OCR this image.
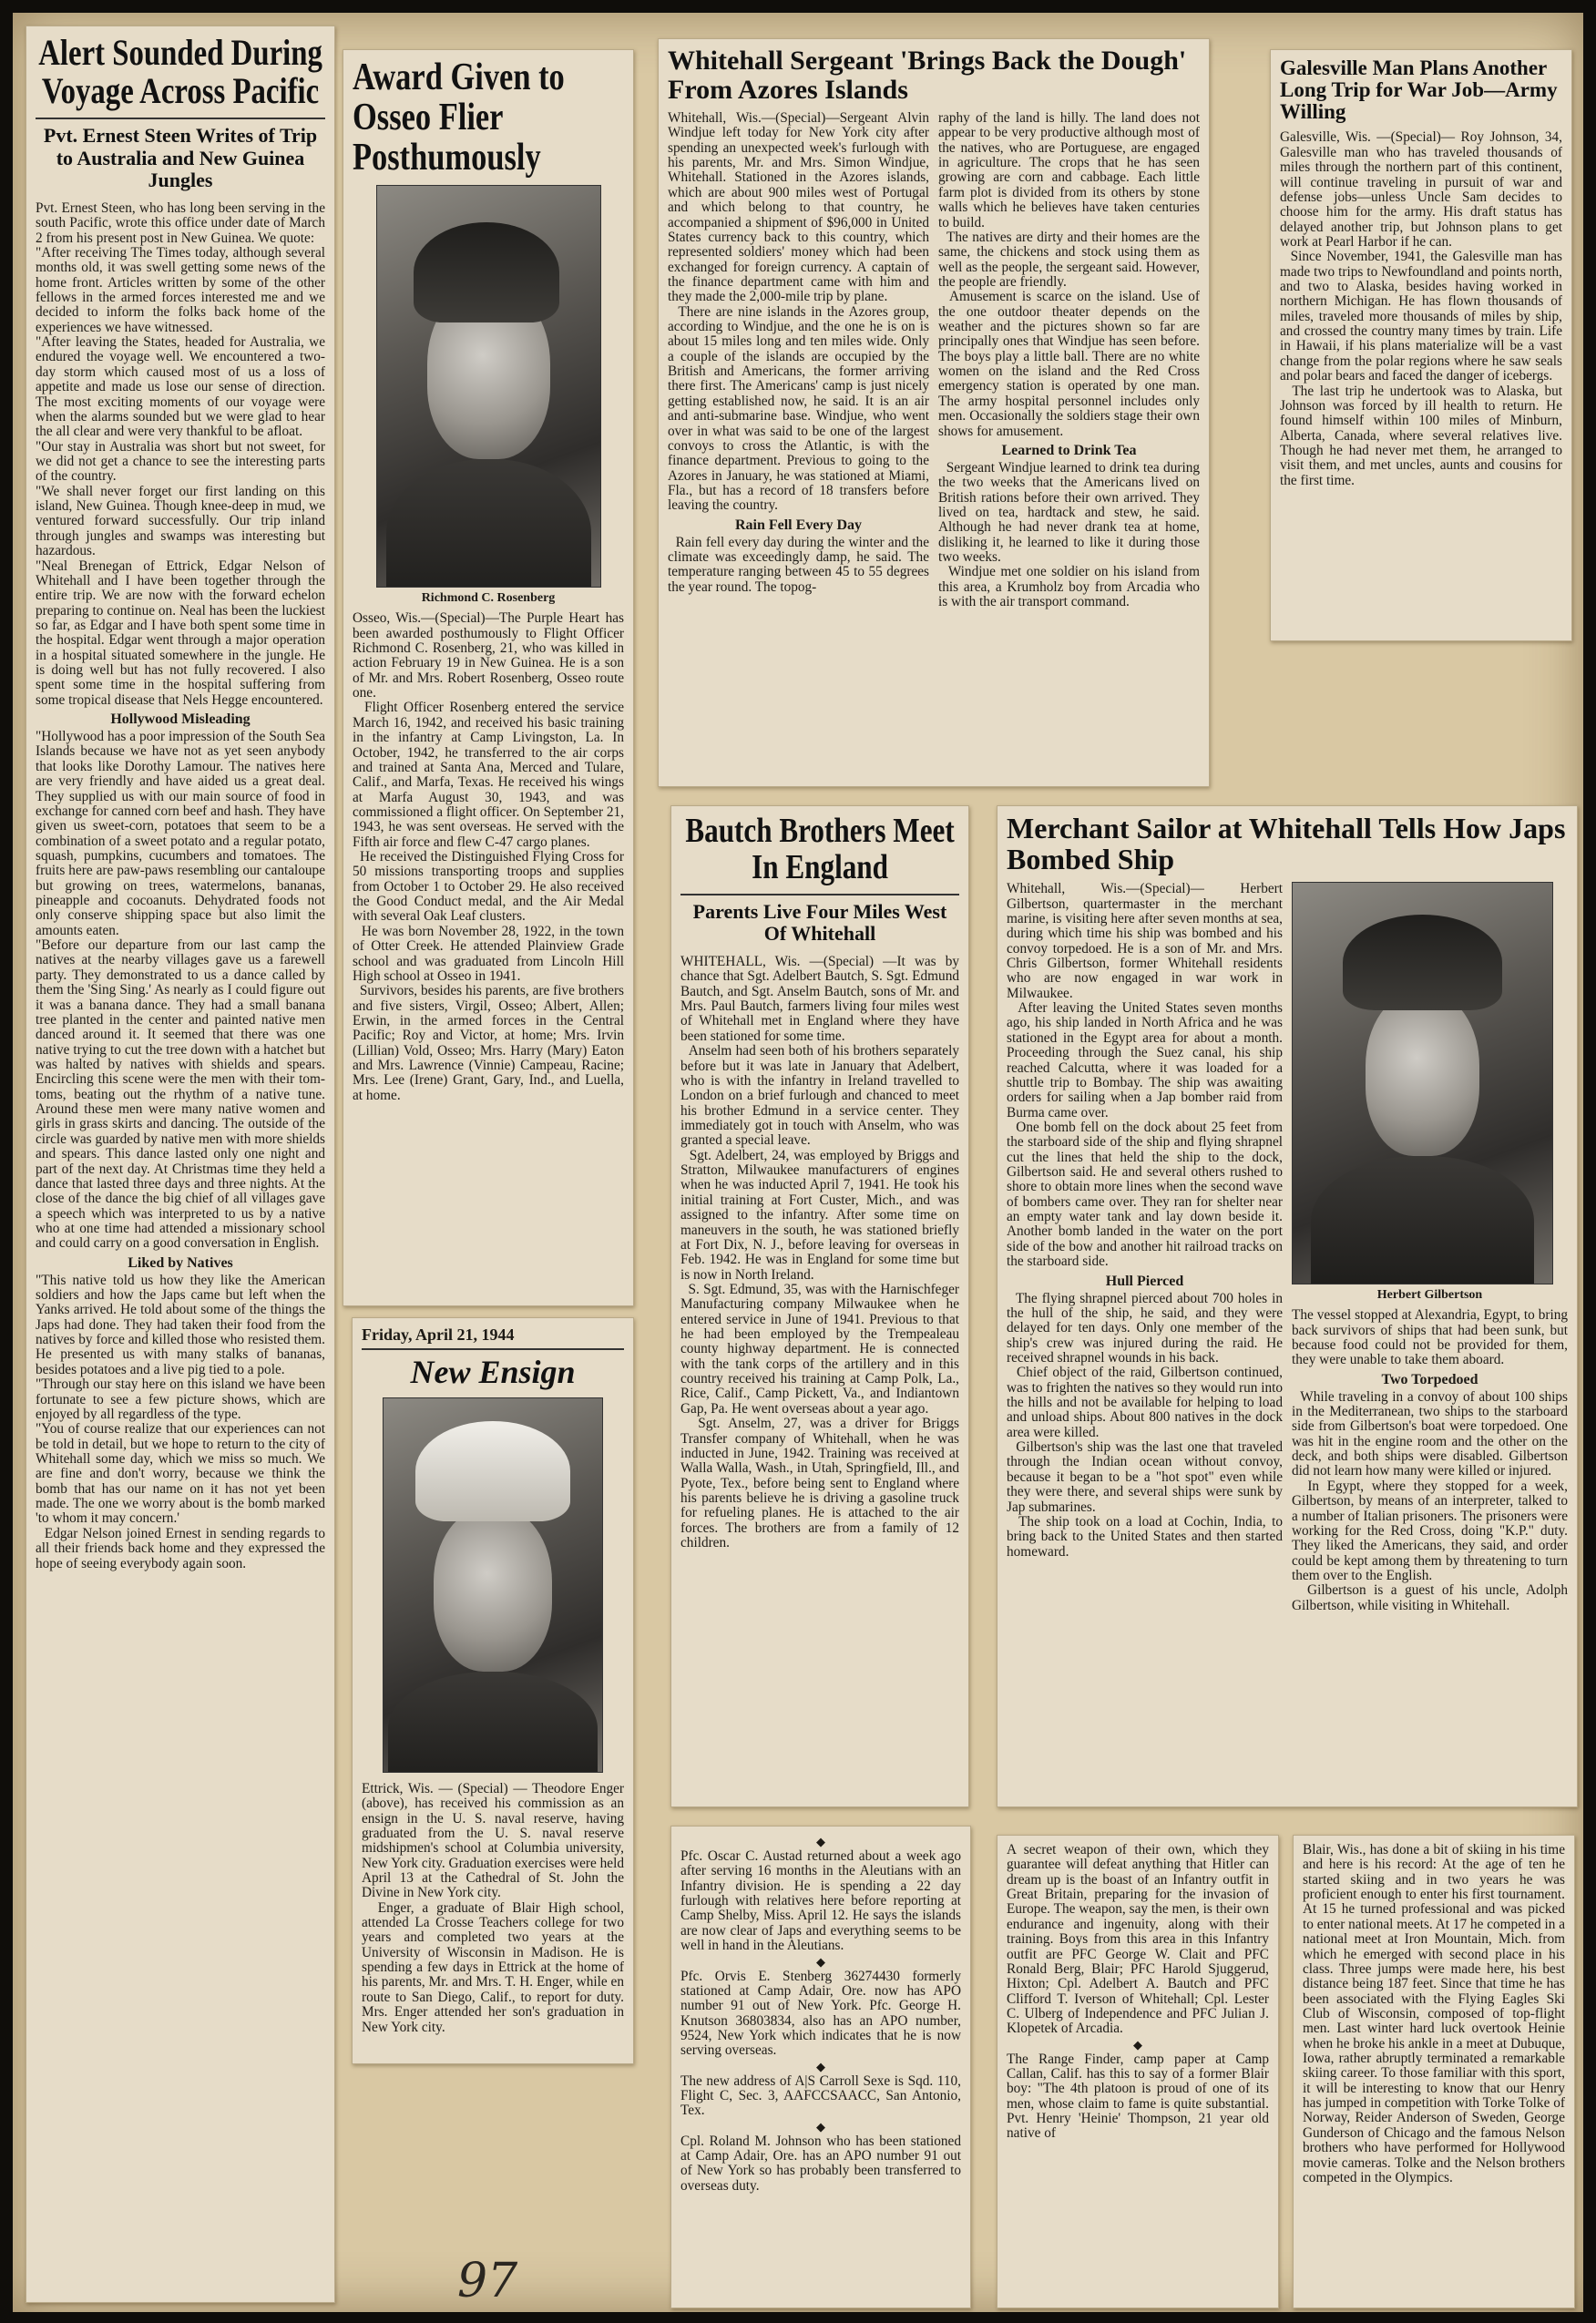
Alert Sounded During Voyage Across Pacific
Pvt. Ernest Steen Writes of Trip to Australia and New Guinea Jungles

Pvt. Ernest Steen, who has long been serving in the south Pacific, wrote this office under date of March 2 from his present post in New Guinea. We quote:
"After receiving The Times today, although several months old, it was swell getting some news of the home front. Articles written by some of the other fellows in the armed forces interested me and we decided to inform the folks back home of the experiences we have witnessed.
"After leaving the States, headed for Australia, we endured the voyage well. We encountered a two-day storm which caused most of us a loss of appetite and made us lose our sense of direction. The most exciting moments of our voyage were when the alarms sounded but we were glad to hear the all clear and were very thankful to be afloat.
"Our stay in Australia was short but not sweet, for we did not get a chance to see the interesting parts of the country.
"We shall never forget our first landing on this island, New Guinea. Though knee-deep in mud, we ventured forward successfully. Our trip inland through jungles and swamps was interesting but hazardous.
"Neal Brenegan of Ettrick, Edgar Nelson of Whitehall and I have been together through the entire trip. We are now with the forward echelon preparing to continue on. Neal has been the luckiest so far, as Edgar and I have both spent some time in the hospital. Edgar went through a major operation in a hospital situated somewhere in the jungle. He is doing well but has not fully recovered. I also spent some time in the hospital suffering from some tropical disease that Nels Hegge encountered.

Hollywood Misleading

"Hollywood has a poor impression of the South Sea Islands because we have not as yet seen anybody that looks like Dorothy Lamour. The natives here are very friendly and have aided us a great deal. They supplied us with our main source of food in exchange for canned corn beef and hash. They have given us sweet-corn, potatoes that seem to be a combination of a sweet potato and a regular potato, squash, pumpkins, cucumbers and tomatoes. The fruits here are paw-paws resembling our cantaloupe but growing on trees, watermelons, bananas, pineapple and cocoanuts. Dehydrated foods not only conserve shipping space but also limit the amounts eaten.
"Before our departure from our last camp the natives at the nearby villages gave us a farewell party. They demonstrated to us a dance called by them the 'Sing Sing.' As nearly as I could figure out it was a banana dance. They had a small banana tree planted in the center and painted native men danced around it. It seemed that there was one native trying to cut the tree down with a hatchet but was halted by natives with shields and spears. Encircling this scene were the men with their tom-toms, beating out the rhythm of a native tune. Around these men were many native women and girls in grass skirts and dancing. The outside of the circle was guarded by native men with more shields and spears. This dance lasted only one night and part of the next day. At Christmas time they held a dance that lasted three days and three nights. At the close of the dance the big chief of all villages gave a speech which was interpreted to us by a native who at one time had attended a missionary school and could carry on a good conversation in English.

Liked by Natives

"This native told us how they like the American soldiers and how the Japs came but left when the Yanks arrived. He told about some of the things the Japs had done. They had taken their food from the natives by force and killed those who resisted them. He presented us with many stalks of bananas, besides potatoes and a live pig tied to a pole.
"Through our stay here on this island we have been fortunate to see a few picture shows, which are enjoyed by all regardless of the type.
"You of course realize that our experiences can not be told in detail, but we hope to return to the city of Whitehall some day, which we miss so much. We are fine and don't worry, because we think the bomb that has our name on it has not yet been made. The one we worry about is the bomb marked 'to whom it may concern.'
Edgar Nelson joined Ernest in sending regards to all their friends back home and they expressed the hope of seeing everybody again soon.

Award Given to Osseo Flier Posthumously
Richmond C. Rosenberg

Osseo, Wis.—(Special)—The Purple Heart has been awarded posthumously to Flight Officer Richmond C. Rosenberg, 21, who was killed in action February 19 in New Guinea. He is a son of Mr. and Mrs. Robert Rosenberg, Osseo route one.
Flight Officer Rosenberg entered the service March 16, 1942, and received his basic training in the infantry at Camp Livingston, La. In October, 1942, he transferred to the air corps and trained at Santa Ana, Merced and Tulare, Calif., and Marfa, Texas. He received his wings at Marfa August 30, 1943, and was commissioned a flight officer. On September 21, 1943, he was sent overseas. He served with the Fifth air force and flew C-47 cargo planes.
He received the Distinguished Flying Cross for 50 missions transporting troops and supplies from October 1 to October 29. He also received the Good Conduct medal, and the Air Medal with several Oak Leaf clusters.
He was born November 28, 1922, in the town of Otter Creek. He attended Plainview Grade school and was graduated from Lincoln Hill High school at Osseo in 1941.
Survivors, besides his parents, are five brothers and five sisters, Virgil, Osseo; Albert, Allen; Erwin, in the armed forces in the Central Pacific; Roy and Victor, at home; Mrs. Irvin (Lillian) Vold, Osseo; Mrs. Harry (Mary) Eaton and Mrs. Lawrence (Vinnie) Campeau, Racine; Mrs. Lee (Irene) Grant, Gary, Ind., and Luella, at home.

Friday, April 21, 1944
New Ensign

Ettrick, Wis. — (Special) — Theodore Enger (above), has received his commission as an ensign in the U. S. naval reserve, having graduated from the U. S. naval reserve midshipmen's school at Columbia university, New York city. Graduation exercises were held April 13 at the Cathedral of St. John the Divine in New York city.
Enger, a graduate of Blair High school, attended La Crosse Teachers college for two years and completed two years at the University of Wisconsin in Madison. He is spending a few days in Ettrick at the home of his parents, Mr. and Mrs. T. H. Enger, while en route to San Diego, Calif., to report for duty. Mrs. Enger attended her son's graduation in New York city.

Whitehall Sergeant 'Brings Back the Dough' From Azores Islands

Whitehall, Wis.—(Special)—Sergeant Alvin Windjue left today for New York city after spending an unexpected week's furlough with his parents, Mr. and Mrs. Simon Windjue, Whitehall. Stationed in the Azores islands, which are about 900 miles west of Portugal and which belong to that country, he accompanied a shipment of $96,000 in United States currency back to this country, which represented soldiers' money which had been exchanged for foreign currency. A captain of the finance department came with him and they made the 2,000-mile trip by plane.
There are nine islands in the Azores group, according to Windjue, and the one he is on is about 15 miles long and ten miles wide. Only a couple of the islands are occupied by the British and Americans, the former arriving there first. The Americans' camp is just nicely getting established now, he said. It is an air and anti-submarine base. Windjue, who went over in what was said to be one of the largest convoys to cross the Atlantic, is with the finance department. Previous to going to the Azores in January, he was stationed at Miami, Fla., but has a record of 18 transfers before leaving the country.

Rain Fell Every Day

Rain fell every day during the winter and the climate was exceedingly damp, he said. The temperature ranging between 45 to 55 degrees the year round. The topog-

raphy of the land is hilly. The land does not appear to be very productive although most of the natives, who are Portuguese, are engaged in agriculture. The crops that he has seen growing are corn and cabbage. Each little farm plot is divided from its others by stone walls which he believes have taken centuries to build.
The natives are dirty and their homes are the same, the chickens and stock using them as well as the people, the sergeant said. However, the people are friendly.
Amusement is scarce on the island. Use of the one outdoor theater depends on the weather and the pictures shown so far are principally ones that Windjue has seen before. The boys play a little ball. There are no white women on the island and the Red Cross emergency station is operated by one man. The army hospital personnel includes only men. Occasionally the soldiers stage their own shows for amusement.

Learned to Drink Tea

Sergeant Windjue learned to drink tea during the two weeks that the Americans lived on British rations before their own arrived. They lived on tea, hardtack and stew, he said. Although he had never drank tea at home, disliking it, he learned to like it during those two weeks.
Windjue met one soldier on his island from this area, a Krumholz boy from Arcadia who is with the air transport command.

Galesville Man Plans Another Long Trip for War Job—Army Willing

Galesville, Wis. —(Special)— Roy Johnson, 34, Galesville man who has traveled thousands of miles through the northern part of this continent, will continue traveling in pursuit of war and defense jobs—unless Uncle Sam decides to choose him for the army. His draft status has delayed another trip, but Johnson plans to get work at Pearl Harbor if he can.
Since November, 1941, the Galesville man has made two trips to Newfoundland and points north, and two to Alaska, besides having worked in northern Michigan. He has flown thousands of miles, traveled more thousands of miles by ship, and crossed the country many times by train. Life in Hawaii, if his plans materialize will be a vast change from the polar regions where he saw seals and polar bears and faced the danger of icebergs.
The last trip he undertook was to Alaska, but Johnson was forced by ill health to return. He found himself within 100 miles of Minburn, Alberta, Canada, where several relatives live. Though he had never met them, he arranged to visit them, and met uncles, aunts and cousins for the first time.

Bautch Brothers Meet In England
Parents Live Four Miles West Of Whitehall

WHITEHALL, Wis. —(Special) —It was by chance that Sgt. Adelbert Bautch, S. Sgt. Edmund Bautch, and Sgt. Anselm Bautch, sons of Mr. and Mrs. Paul Bautch, farmers living four miles west of Whitehall met in England where they have been stationed for some time.
Anselm had seen both of his brothers separately before but it was late in January that Adelbert, who is with the infantry in Ireland travelled to London on a brief furlough and chanced to meet his brother Edmund in a service center. They immediately got in touch with Anselm, who was granted a special leave.
Sgt. Adelbert, 24, was employed by Briggs and Stratton, Milwaukee manufacturers of engines when he was inducted April 7, 1941. He took his initial training at Fort Custer, Mich., and was assigned to the infantry. After some time on maneuvers in the south, he was stationed briefly at Fort Dix, N. J., before leaving for overseas in Feb. 1942. He was in England for some time but is now in North Ireland.
S. Sgt. Edmund, 35, was with the Harnischfeger Manufacturing company Milwaukee when he entered service in June of 1941. Previous to that he had been employed by the Trempealeau county highway department. He is connected with the tank corps of the artillery and in this country received his training at Camp Polk, La., Rice, Calif., Camp Pickett, Va., and Indiantown Gap, Pa. He went overseas about a year ago.
Sgt. Anselm, 27, was a driver for Briggs Transfer company of Whitehall, when he was inducted in June, 1942. Training was received at Walla Walla, Wash., in Utah, Springfield, Ill., and Pyote, Tex., before being sent to England where his parents believe he is driving a gasoline truck for refueling planes. He is attached to the air forces. The brothers are from a family of 12 children.

Merchant Sailor at Whitehall Tells How Japs Bombed Ship

Whitehall, Wis.—(Special)— Herbert Gilbertson, quartermaster in the merchant marine, is visiting here after seven months at sea, during which time his ship was bombed and his convoy torpedoed. He is a son of Mr. and Mrs. Chris Gilbertson, former Whitehall residents who are now engaged in war work in Milwaukee.
After leaving the United States seven months ago, his ship landed in North Africa and he was stationed in the Egypt area for about a month. Proceeding through the Suez canal, his ship reached Calcutta, where it was loaded for a shuttle trip to Bombay. The ship was awaiting orders for sailing when a Jap bomber raid from Burma came over.
One bomb fell on the dock about 25 feet from the starboard side of the ship and flying shrapnel cut the lines that held the ship to the dock, Gilbertson said. He and several others rushed to shore to obtain more lines when the second wave of bombers came over. They ran for shelter near an empty water tank and lay down beside it. Another bomb landed in the water on the port side of the bow and another hit railroad tracks on the starboard side.

Hull Pierced

The flying shrapnel pierced about 700 holes in the hull of the ship, he said, and they were delayed for ten days. Only one member of the ship's crew was injured during the raid. He received shrapnel wounds in his back.
Chief object of the raid, Gilbertson continued, was to frighten the natives so they would run into the hills and not be available for helping to load and unload ships. About 800 natives in the dock area were killed.
Gilbertson's ship was the last one that traveled through the Indian ocean without convoy, because it began to be a "hot spot" even while they were there, and several ships were sunk by Jap submarines.
The ship took on a load at Cochin, India, to bring back to the United States and then started homeward.

Herbert Gilbertson

The vessel stopped at Alexandria, Egypt, to bring back survivors of ships that had been sunk, but because food could not be provided for them, they were unable to take them aboard.

Two Torpedoed

While traveling in a convoy of about 100 ships in the Mediterranean, two ships to the starboard side from Gilbertson's boat were torpedoed. One was hit in the engine room and the other on the deck, and both ships were disabled. Gilbertson did not learn how many were killed or injured.
In Egypt, where they stopped for a week, Gilbertson, by means of an interpreter, talked to a number of Italian prisoners. The prisoners were working for the Red Cross, doing "K.P." duty. They liked the Americans, they said, and order could be kept among them by threatening to turn them over to the English.
Gilbertson is a guest of his uncle, Adolph Gilbertson, while visiting in Whitehall.

◆

Pfc. Oscar C. Austad returned about a week ago after serving 16 months in the Aleutians with an Infantry division. He is spending a 22 day furlough with relatives here before reporting at Camp Shelby, Miss. April 12. He says the islands are now clear of Japs and everything seems to be well in hand in the Aleutians.

◆

Pfc. Orvis E. Stenberg 36274430 formerly stationed at Camp Adair, Ore. now has APO number 91 out of New York. Pfc. George H. Knutson 36803834, also has an APO number, 9524, New York which indicates that he is now serving overseas.

◆

The new address of A|S Carroll Sexe is Sqd. 110, Flight C, Sec. 3, AAFCCSAACC, San Antonio, Tex.

◆

Cpl. Roland M. Johnson who has been stationed at Camp Adair, Ore. has an APO number 91 out of New York so has probably been transferred to overseas duty.

A secret weapon of their own, which they guarantee will defeat anything that Hitler can dream up is the boast of an Infantry outfit in Great Britain, preparing for the invasion of Europe. The weapon, say the men, is their own endurance and ingenuity, along with their training. Boys from this area in this Infantry outfit are PFC George W. Clait and PFC Ronald Berg, Blair; PFC Harold Sjuggerud, Hixton; Cpl. Adelbert A. Bautch and PFC Clifford T. Iverson of Whitehall; Cpl. Lester C. Ulberg of Independence and PFC Julian J. Klopetek of Arcadia.

◆

The Range Finder, camp paper at Camp Callan, Calif. has this to say of a former Blair boy: "The 4th platoon is proud of one of its men, whose claim to fame is quite substantial. Pvt. Henry 'Heinie' Thompson, 21 year old native of

Blair, Wis., has done a bit of skiing in his time and here is his record: At the age of ten he started skiing and in two years he was proficient enough to enter his first tournament. At 15 he turned professional and was picked to enter national meets. At 17 he competed in a national meet at Iron Mountain, Mich. from which he emerged with second place in his class. Three jumps were made here, his best distance being 187 feet. Since that time he has been associated with the Flying Eagles Ski Club of Wisconsin, composed of top-flight men. Last winter hard luck overtook Heinie when he broke his ankle in a meet at Dubuque, Iowa, rather abruptly terminated a remarkable skiing career. To those familiar with this sport, it will be interesting to know that our Henry has jumped in competition with Torke Tolke of Norway, Reider Anderson of Sweden, George Gunderson of Chicago and the famous Nelson brothers who have performed for Hollywood movie cameras. Tolke and the Nelson brothers competed in the Olympics.

97
